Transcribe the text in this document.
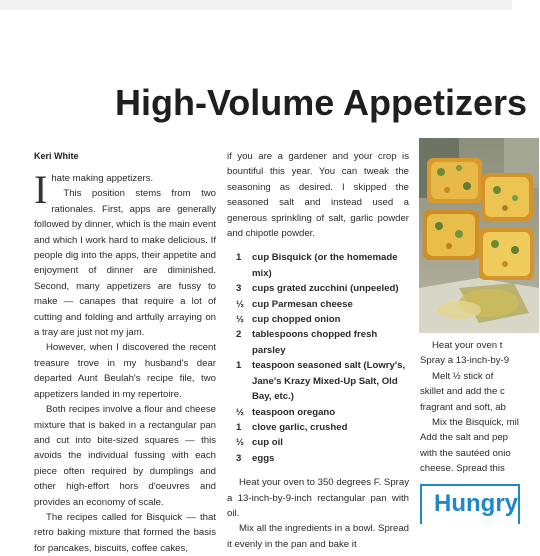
High-Volume Appetizers
Keri White

Ihate making appetizers.

This position stems from two rationales. First, apps are generally followed by dinner, which is the main event and which I work hard to make delicious. If people dig into the apps, their appetite and enjoyment of dinner are diminished. Second, many appetizers are fussy to make — canapes that require a lot of cutting and folding and artfully arraying on a tray are just not my jam.

However, when I discovered the recent treasure trove in my husband's dear departed Aunt Beulah's recipe file, two appetizers landed in my repertoire.

Both recipes involve a flour and cheese mixture that is baked in a rectangular pan and cut into bite-sized squares — this avoids the individual fussing with each piece often required by dumplings and other high-effort hors d'oeuvres and provides an economy of scale.

The recipes called for Bisquick — that retro baking mixture that formed the basis for pancakes, biscuits, coffee cakes,

if you are a gardener and your crop is bountiful this year. You can tweak the seasoning as desired. I skipped the seasoned salt and instead used a generous sprinkling of salt, garlic powder and chipotle powder.

1 cup Bisquick (or the homemade mix)
3 cups grated zucchini (unpeeled)
½ cup Parmesan cheese
½ cup chopped onion
2 tablespoons chopped fresh parsley
1 teaspoon seasoned salt (Lowry's, Jane's Krazy Mixed-Up Salt, Old Bay, etc.)
½ teaspoon oregano
1 clove garlic, crushed
½ cup oil
3 eggs

Heat your oven to 350 degrees F. Spray a 13-inch-by-9-inch rectangular pan with oil.

Mix all the ingredients in a bowl. Spread it evenly in the pan and bake it

Heat your oven t

Spray a 13-inch-by-9

Melt ½ stick of

skillet and add the c

fragrant and soft, ab

Mix the Bisquick, mil

Add the salt and pep

with the sautéed onio

cheese. Spread this

Hungry
